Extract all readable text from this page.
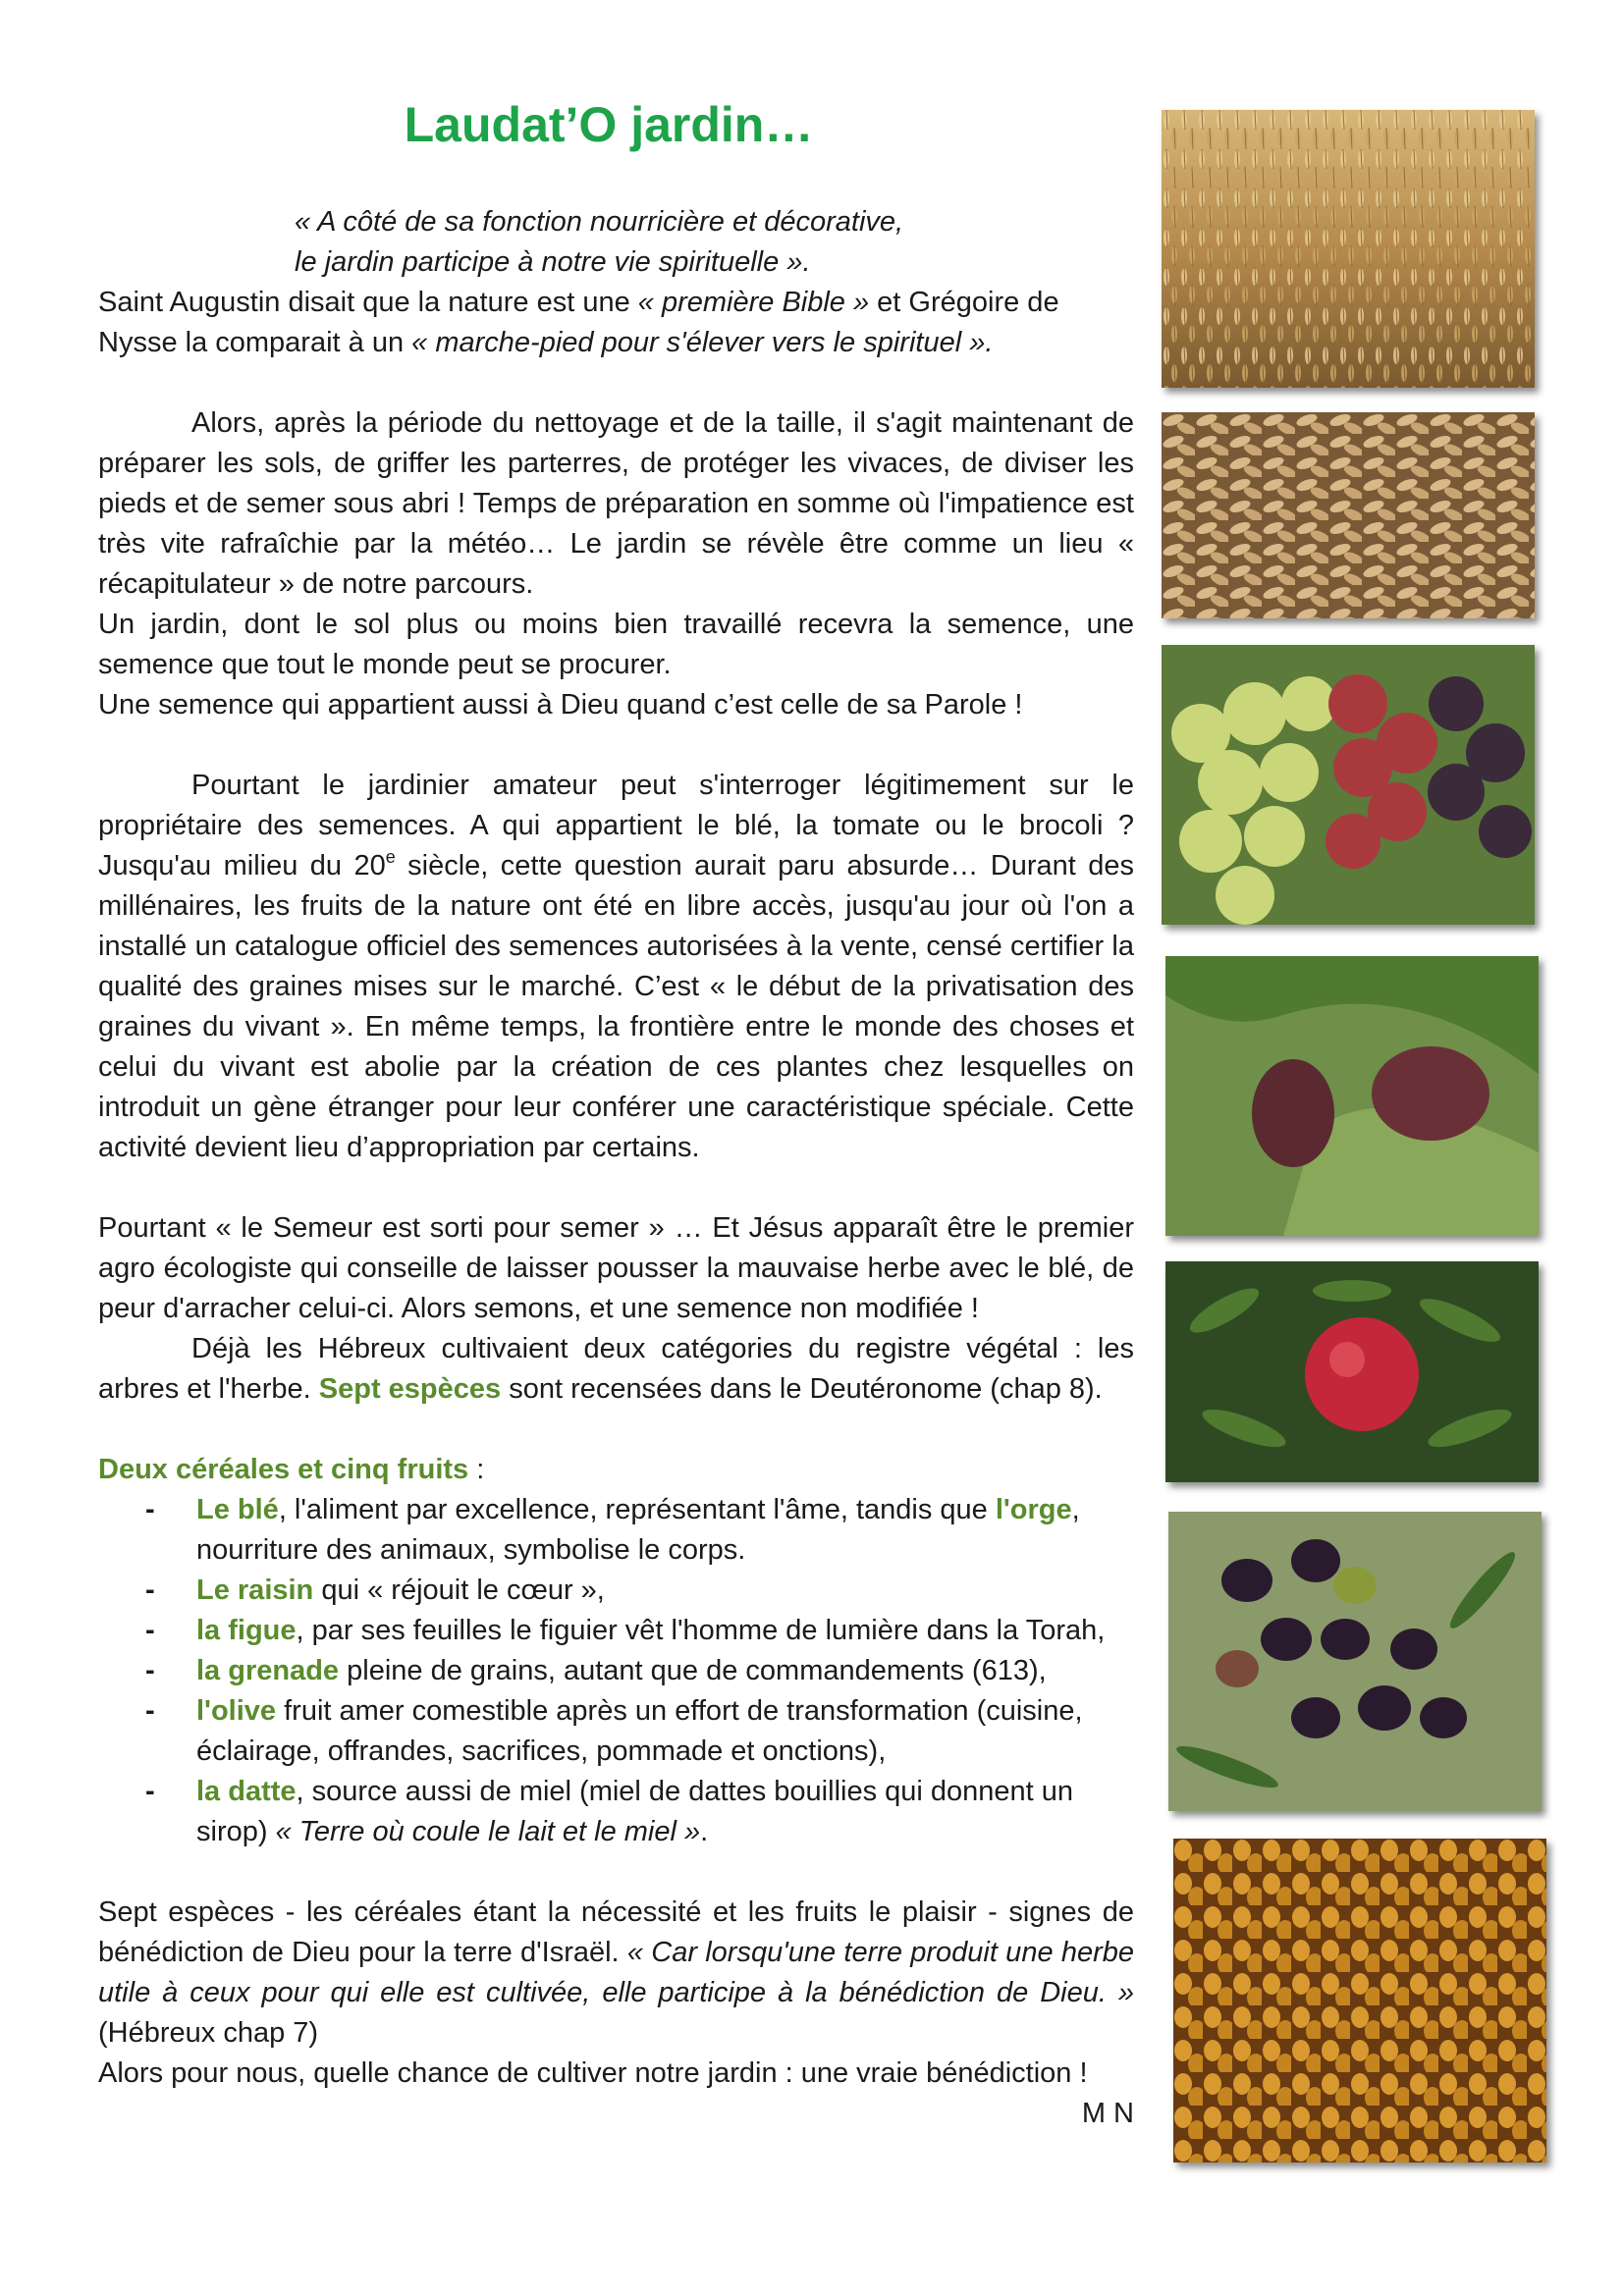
Laudat’O jardin…

« A côté de sa fonction nourricière et décorative,

le jardin participe à notre vie spirituelle ».

Saint Augustin disait que la nature est une « première Bible » et Grégoire de Nysse la comparait à un « marche-pied pour s'élever vers le spirituel ».

Alors, après la période du nettoyage et de la taille, il s'agit maintenant de préparer les sols, de griffer les parterres, de protéger les vivaces, de diviser les pieds et de semer sous abri ! Temps de préparation en somme où l'impatience est très vite rafraîchie par la météo… Le jardin se révèle être comme un lieu « récapitulateur » de notre parcours.

Un jardin, dont le sol plus ou moins bien travaillé recevra la semence, une semence que tout le monde peut se procurer.

Une semence qui appartient aussi à Dieu quand c’est celle de sa Parole !

Pourtant le jardinier amateur peut s'interroger légitimement sur le propriétaire des semences. A qui appartient le blé, la tomate ou le brocoli ? Jusqu'au milieu du 20e siècle, cette question aurait paru absurde… Durant des millénaires, les fruits de la nature ont été en libre accès, jusqu'au jour où l'on a installé un catalogue officiel des semences autorisées à la vente, censé certifier la qualité des graines mises sur le marché. C’est « le début de la privatisation des graines du vivant ». En même temps, la frontière entre le monde des choses et celui du vivant est abolie par la création de ces plantes chez lesquelles on introduit un gène étranger pour leur conférer une caractéristique spéciale. Cette activité devient lieu d’appropriation par certains.

Pourtant « le Semeur est sorti pour semer » … Et Jésus apparaît être le premier agro écologiste qui conseille de laisser pousser la mauvaise herbe avec le blé, de peur d'arracher celui-ci. Alors semons, et une semence non modifiée !

Déjà les Hébreux cultivaient deux catégories du registre végétal : les arbres et l'herbe. Sept espèces sont recensées dans le Deutéronome (chap 8).

Deux céréales et cinq fruits :

- Le blé, l'aliment par excellence, représentant l'âme, tandis que l'orge, nourriture des animaux, symbolise le corps.
- Le raisin qui « réjouit le cœur »,
- la figue, par ses feuilles le figuier vêt l'homme de lumière dans la Torah,
- la grenade pleine de grains, autant que de commandements (613),
- l'olive fruit amer comestible après un effort de transformation (cuisine, éclairage, offrandes, sacrifices, pommade et onctions),
- la datte, source aussi de miel (miel de dattes bouillies qui donnent un sirop) « Terre où coule le lait et le miel ».

Sept espèces - les céréales étant la nécessité et les fruits le plaisir - signes de bénédiction de Dieu pour la terre d'Israël. « Car lorsqu'une terre produit une herbe utile à ceux pour qui elle est cultivée, elle participe à la bénédiction de Dieu. » (Hébreux chap 7)

Alors pour nous, quelle chance de cultiver notre jardin : une vraie bénédiction !

M N
